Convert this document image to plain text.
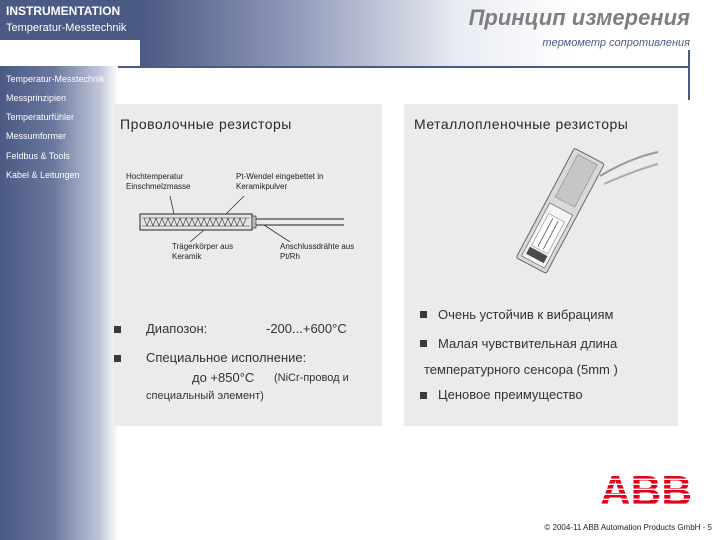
INSTRUMENTATION
Temperatur-Messtechnik	Принцип измерения
термометр сопротивления
Temperatur-Messtechnik
Messprinzipien
Temperaturfühler
Messumformer
Feldbus & Tools
Kabel & Leitungen
Проволочные резисторы
Hochtemperatur Einschmelzmasse
Pt-Wendel eingebettet in Keramikpulver
Trägerkörper aus Keramik
Anschlussdrähte aus Pt/Rh
Диапозон:	-200...+600°C
Специальное исполнение:
до +850°C (NiCr-провод и
специальный элемент)
Металлопленочные резисторы
Очень устойчив к вибрациям
Малая чувствительная длина
температурного сенсора (5mm )
Ценовое преимущество
ABB
© 2004-11 ABB Automation Products GmbH - 5
